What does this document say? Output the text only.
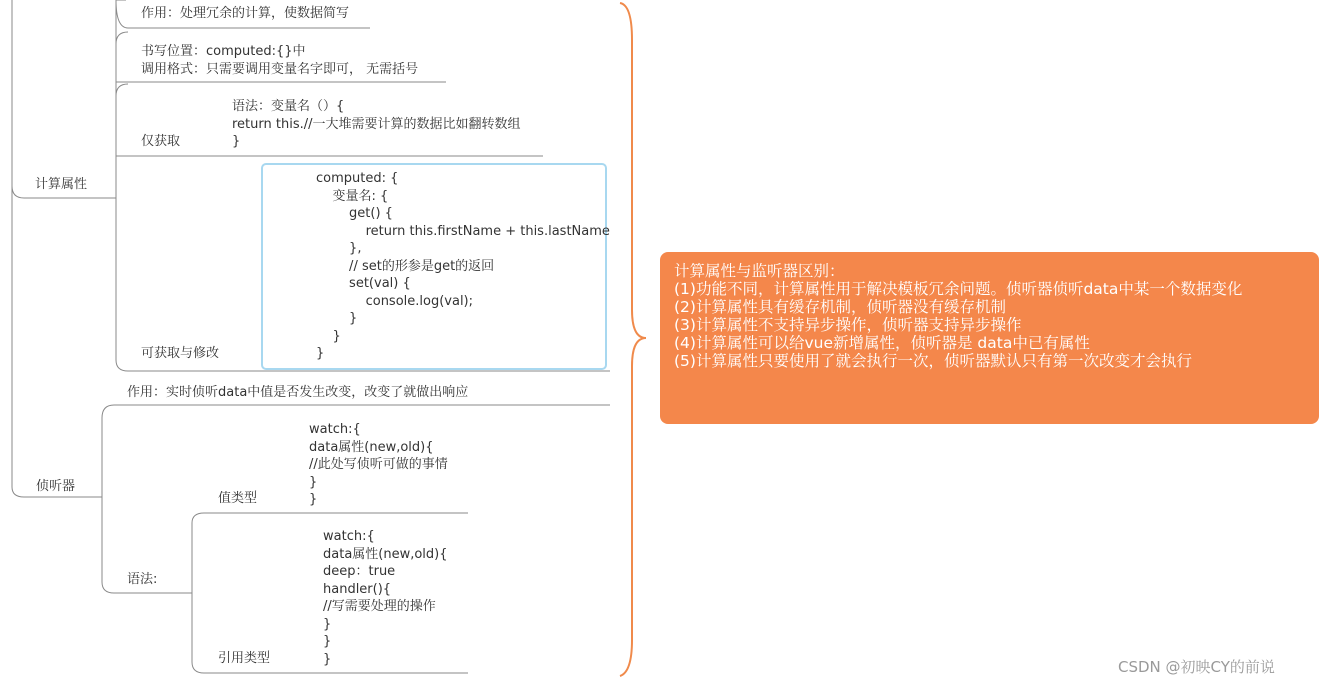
计算属性
作用：处理冗余的计算，使数据简写
书写位置：computed:{}中
调用格式：只需要调用变量名字即可， 无需括号
语法：变量名（）{
return this.//一大堆需要计算的数据比如翻转数组
}
仅获取
computed: {
变量名: {
get() {
return this.firstName + this.lastName
},
// set的形参是get的返回
set(val) {
console.log(val);
}
}
}
可获取与修改
侦听器
作用：实时侦听data中值是否发生改变，改变了就做出响应
watch:{
data属性(new,old){
//此处写侦听可做的事情
}
}
值类型
语法:
watch:{
data属性(new,old){
deep：true
handler(){
//写需要处理的操作
}
}
}
引用类型
计算属性与监听器区别：
(1)功能不同，计算属性用于解决模板冗余问题。侦听器侦听data中某一个数据变化
(2)计算属性具有缓存机制，侦听器没有缓存机制
(3)计算属性不支持异步操作，侦听器支持异步操作
(4)计算属性可以给vue新增属性，侦听器是 data中已有属性
(5)计算属性只要使用了就会执行一次，侦听器默认只有第一次改变才会执行
CSDN @初映CY的前说
